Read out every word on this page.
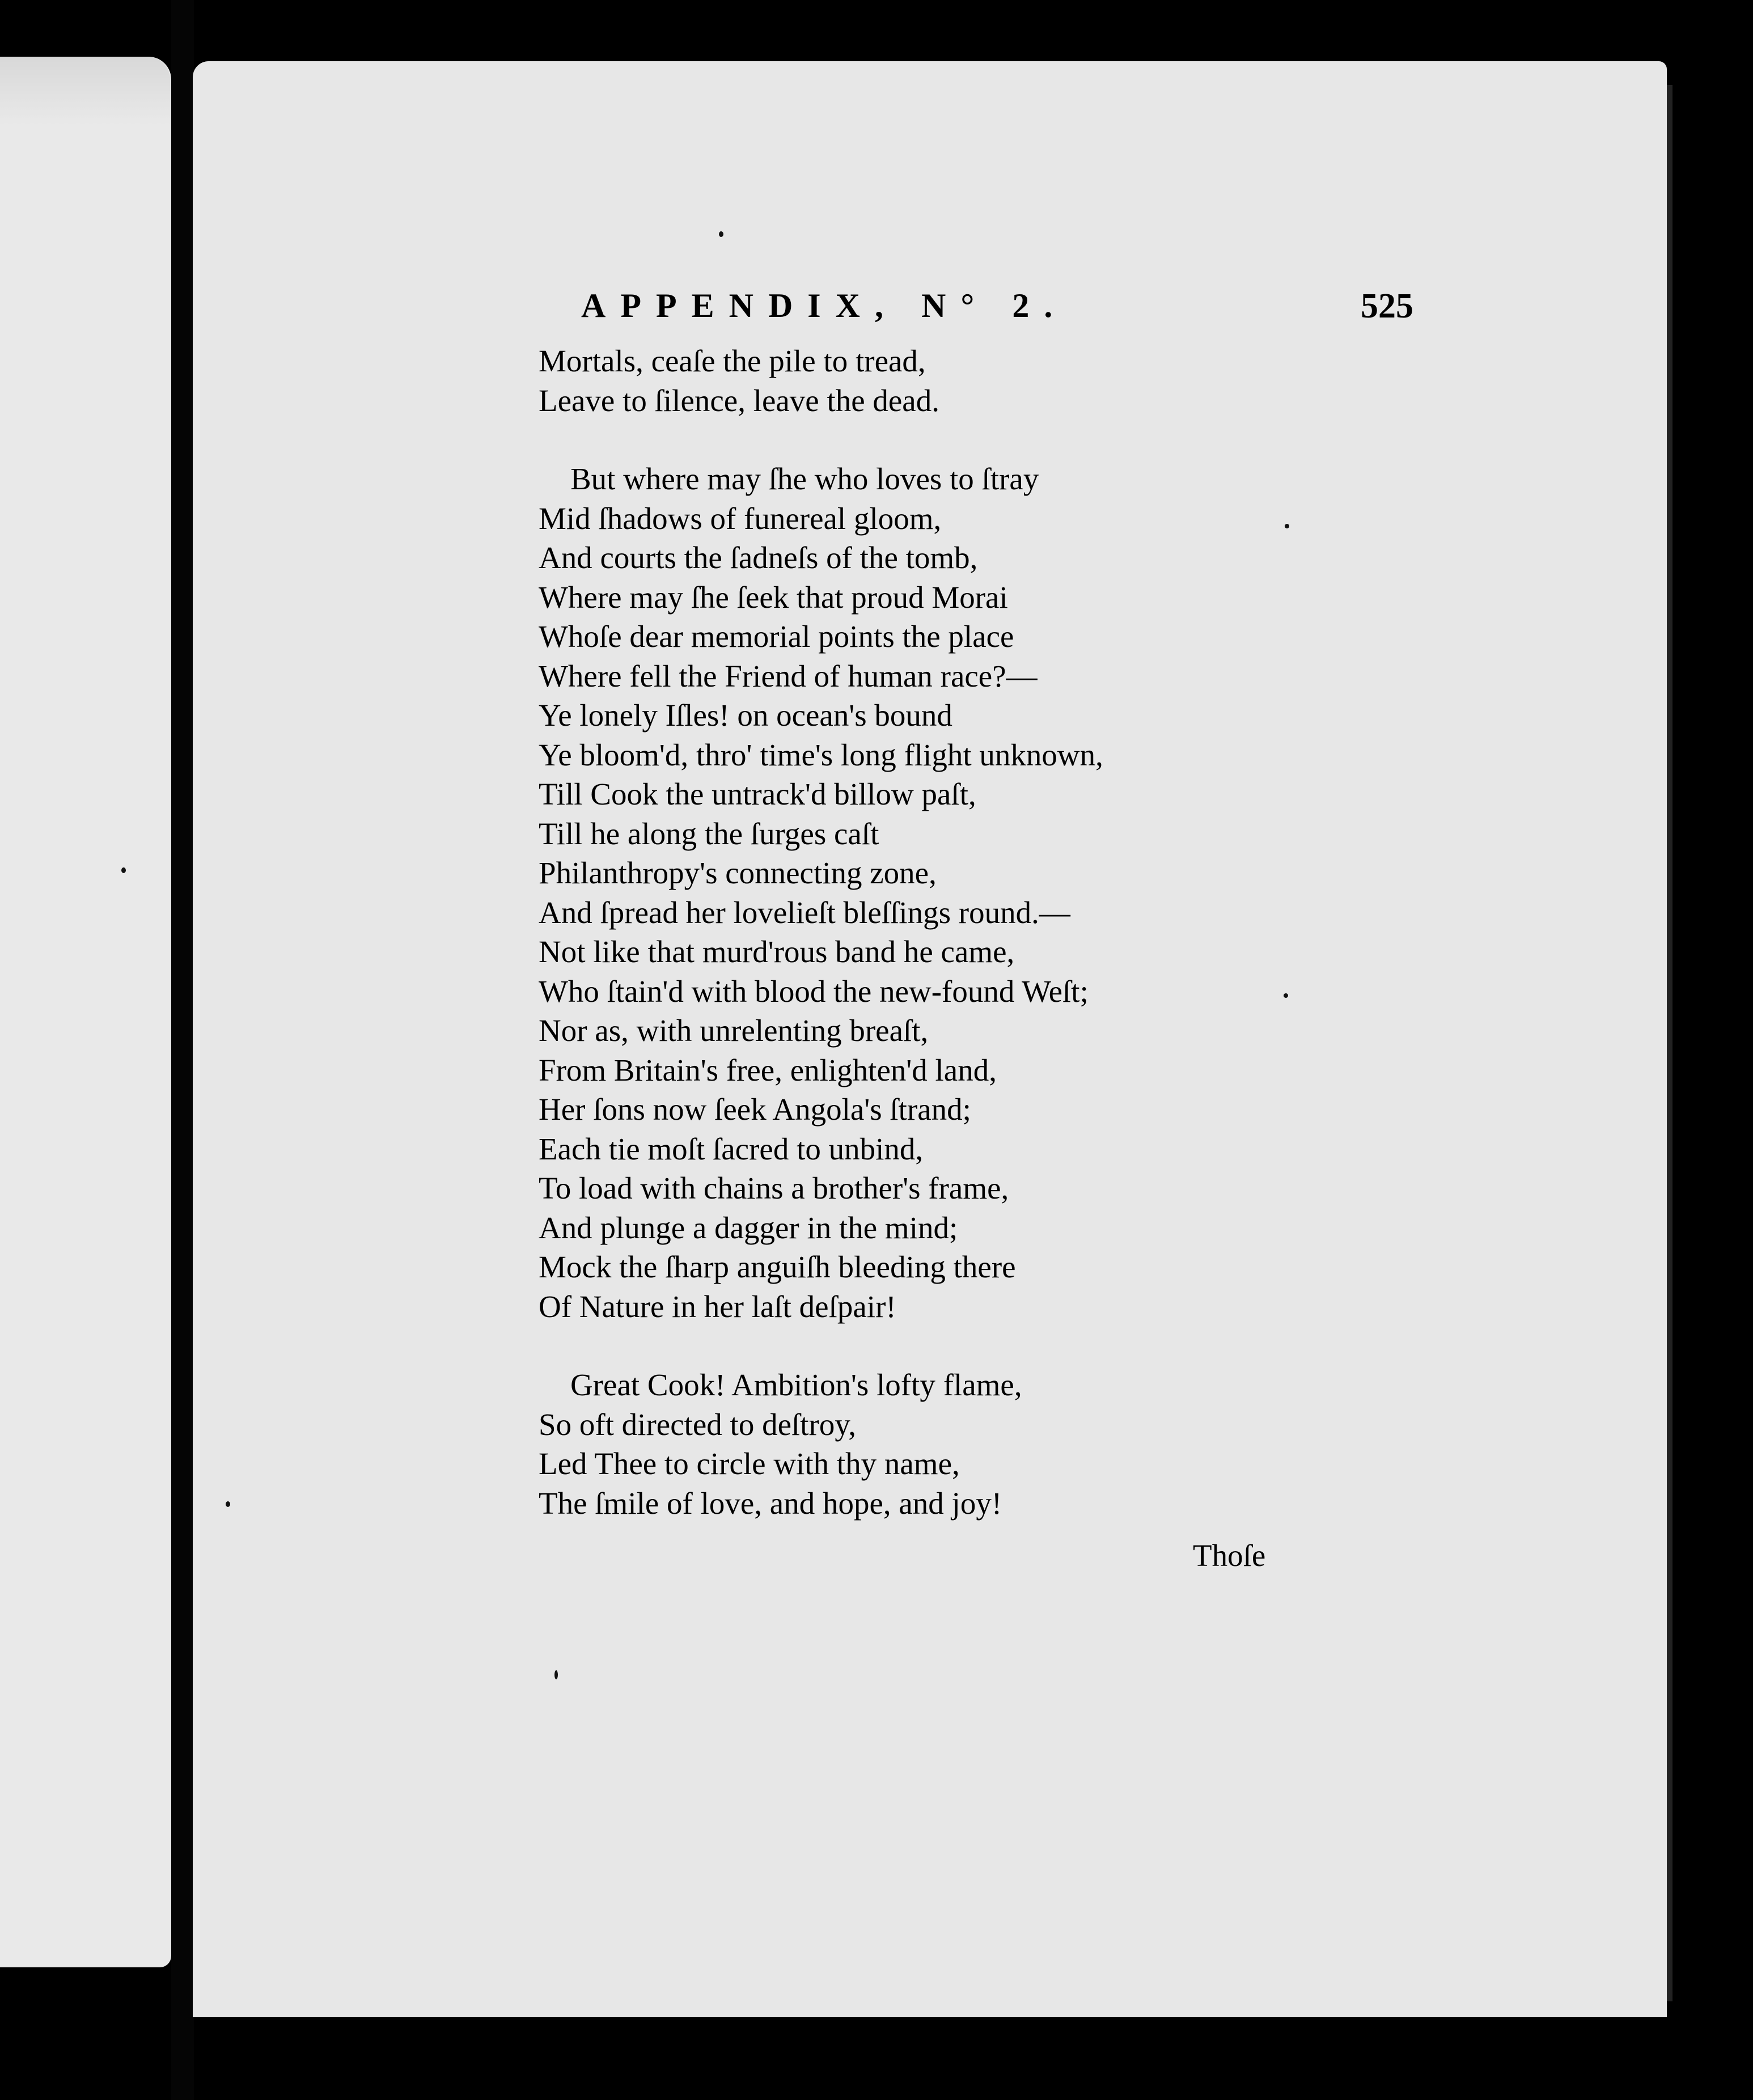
APPENDIX, N° 2.	525
Mortals, ceaſe the pile to tread,
Leave to ſilence, leave the dead.
But where may ſhe who loves to ſtray
Mid ſhadows of funereal gloom,
And courts the ſadneſs of the tomb,
Where may ſhe ſeek that proud Morai
Whoſe dear memorial points the place
Where fell the Friend of human race?—
Ye lonely Iſles! on ocean's bound
Ye bloom'd, thro' time's long flight unknown,
Till Cook the untrack'd billow paſt,
Till he along the ſurges caſt
Philanthropy's connecting zone,
And ſpread her lovelieſt bleſſings round.—
Not like that murd'rous band he came,
Who ſtain'd with blood the new-found Weſt;
Nor as, with unrelenting breaſt,
From Britain's free, enlighten'd land,
Her ſons now ſeek Angola's ſtrand;
Each tie moſt ſacred to unbind,
To load with chains a brother's frame,
And plunge a dagger in the mind;
Mock the ſharp anguiſh bleeding there
Of Nature in her laſt deſpair!
Great Cook! Ambition's lofty flame,
So oft directed to deſtroy,
Led Thee to circle with thy name,
The ſmile of love, and hope, and joy!
Thoſe
